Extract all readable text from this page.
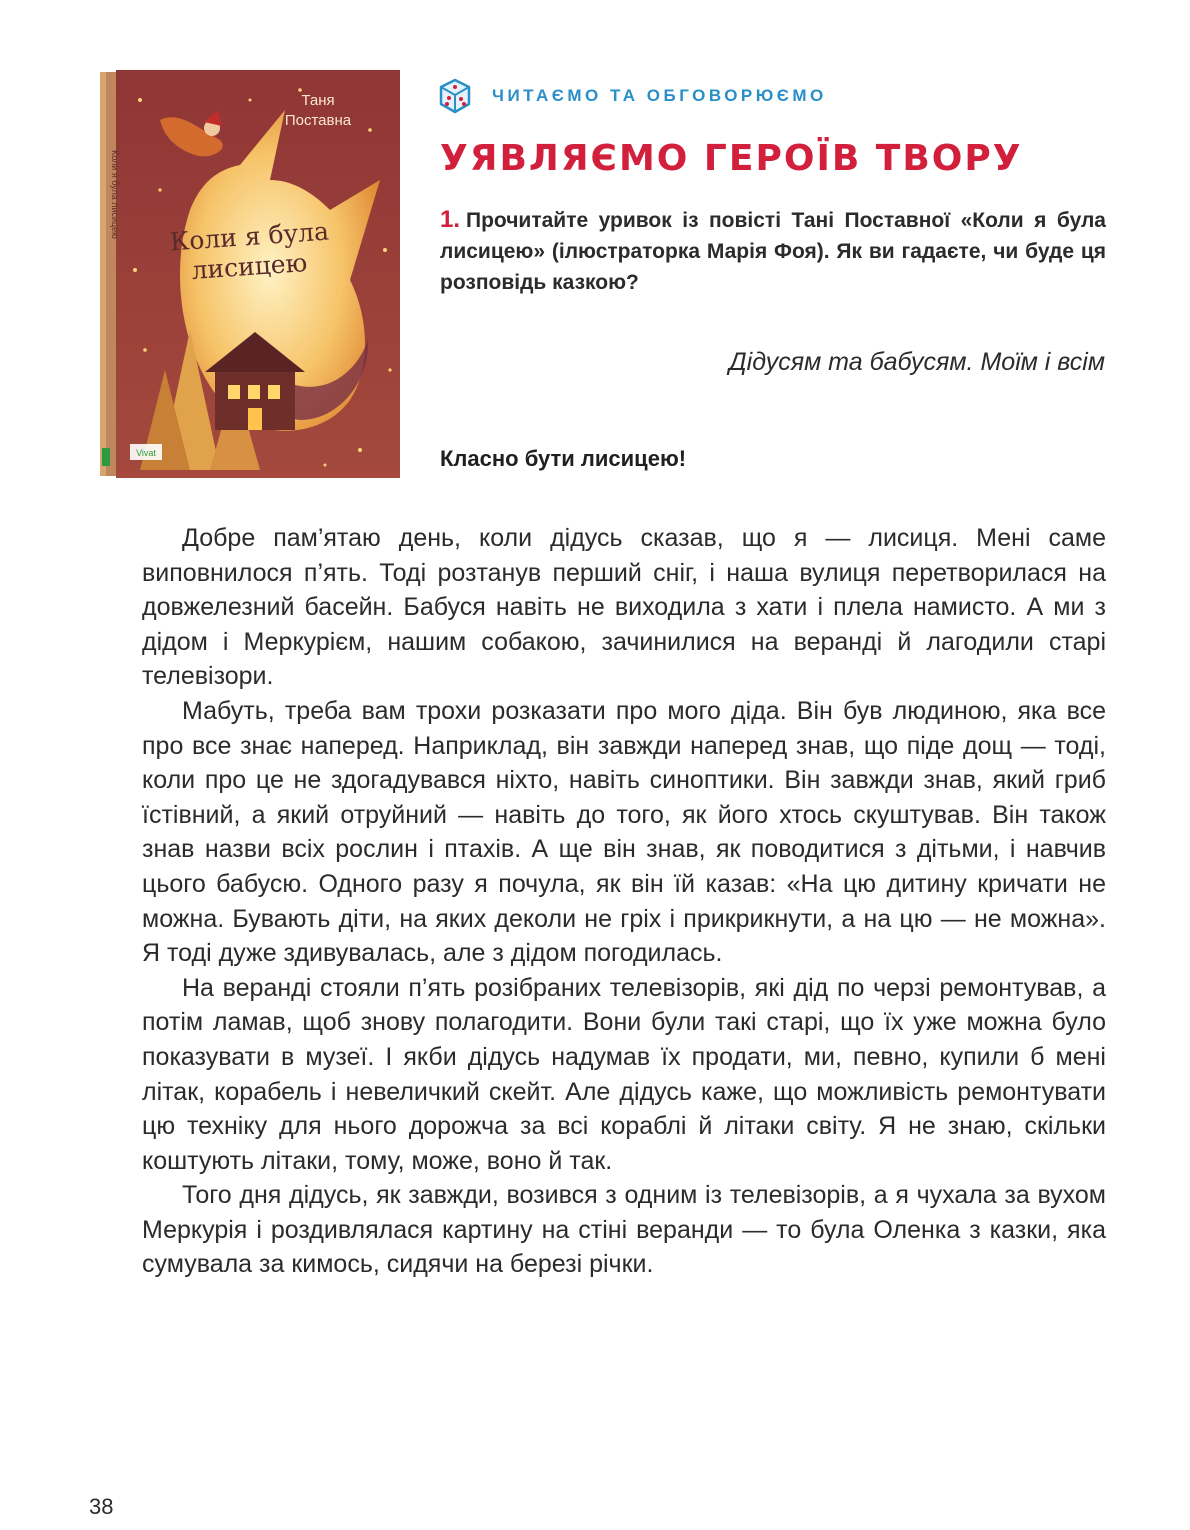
Таня
Поставна
Коли я була
лисицею
Коли я була лисицею
Vivat
ЧИТАЄМО ТА ОБГОВОРЮЄМО
УЯВЛЯЄМО ГЕРОЇВ ТВОРУ
1. Прочитайте уривок із повісті Тані Поставної «Коли я була лисицею» (ілюстраторка Марія Фоя). Як ви гадаєте, чи буде ця розповідь казкою?
Дідусям та бабусям. Моїм і всім
Класно бути лисицею!

Добре пам’ятаю день, коли дідусь сказав, що я — лисиця. Мені саме виповнилося п’ять. Тоді розтанув перший сніг, і наша вулиця перетворилася на довжелезний басейн. Бабуся навіть не виходила з хати і плела намисто. А ми з дідом і Меркурієм, нашим собакою, зачинилися на веранді й лагодили старі телевізори.

Мабуть, треба вам трохи розказати про мого діда. Він був людиною, яка все про все знає наперед. Наприклад, він завжди наперед знав, що піде дощ — тоді, коли про це не здогадувався ніхто, навіть синоптики. Він завжди знав, який гриб їстівний, а який отруйний — навіть до того, як його хтось скуштував. Він також знав назви всіх рослин і птахів. А ще він знав, як поводитися з дітьми, і навчив цього бабусю. Одного разу я почула, як він їй казав: «На цю дитину кричати не можна. Бувають діти, на яких деколи не гріх і прикрикнути, а на цю — не можна». Я тоді дуже здивувалась, але з дідом погодилась.

На веранді стояли п’ять розібраних телевізорів, які дід по черзі ремонтував, а потім ламав, щоб знову полагодити. Вони були такі старі, що їх уже можна було показувати в музеї. І якби дідусь надумав їх продати, ми, певно, купили б мені літак, корабель і невеличкий скейт. Але дідусь каже, що можливість ремонтувати цю техніку для нього дорожча за всі кораблі й літаки світу. Я не знаю, скільки коштують літаки, тому, може, воно й так.

Того дня дідусь, як завжди, возився з одним із телевізорів, а я чухала за вухом Меркурія і роздивлялася картину на стіні веранди — то була Оленка з казки, яка сумувала за кимось, сидячи на березі річки.

38
